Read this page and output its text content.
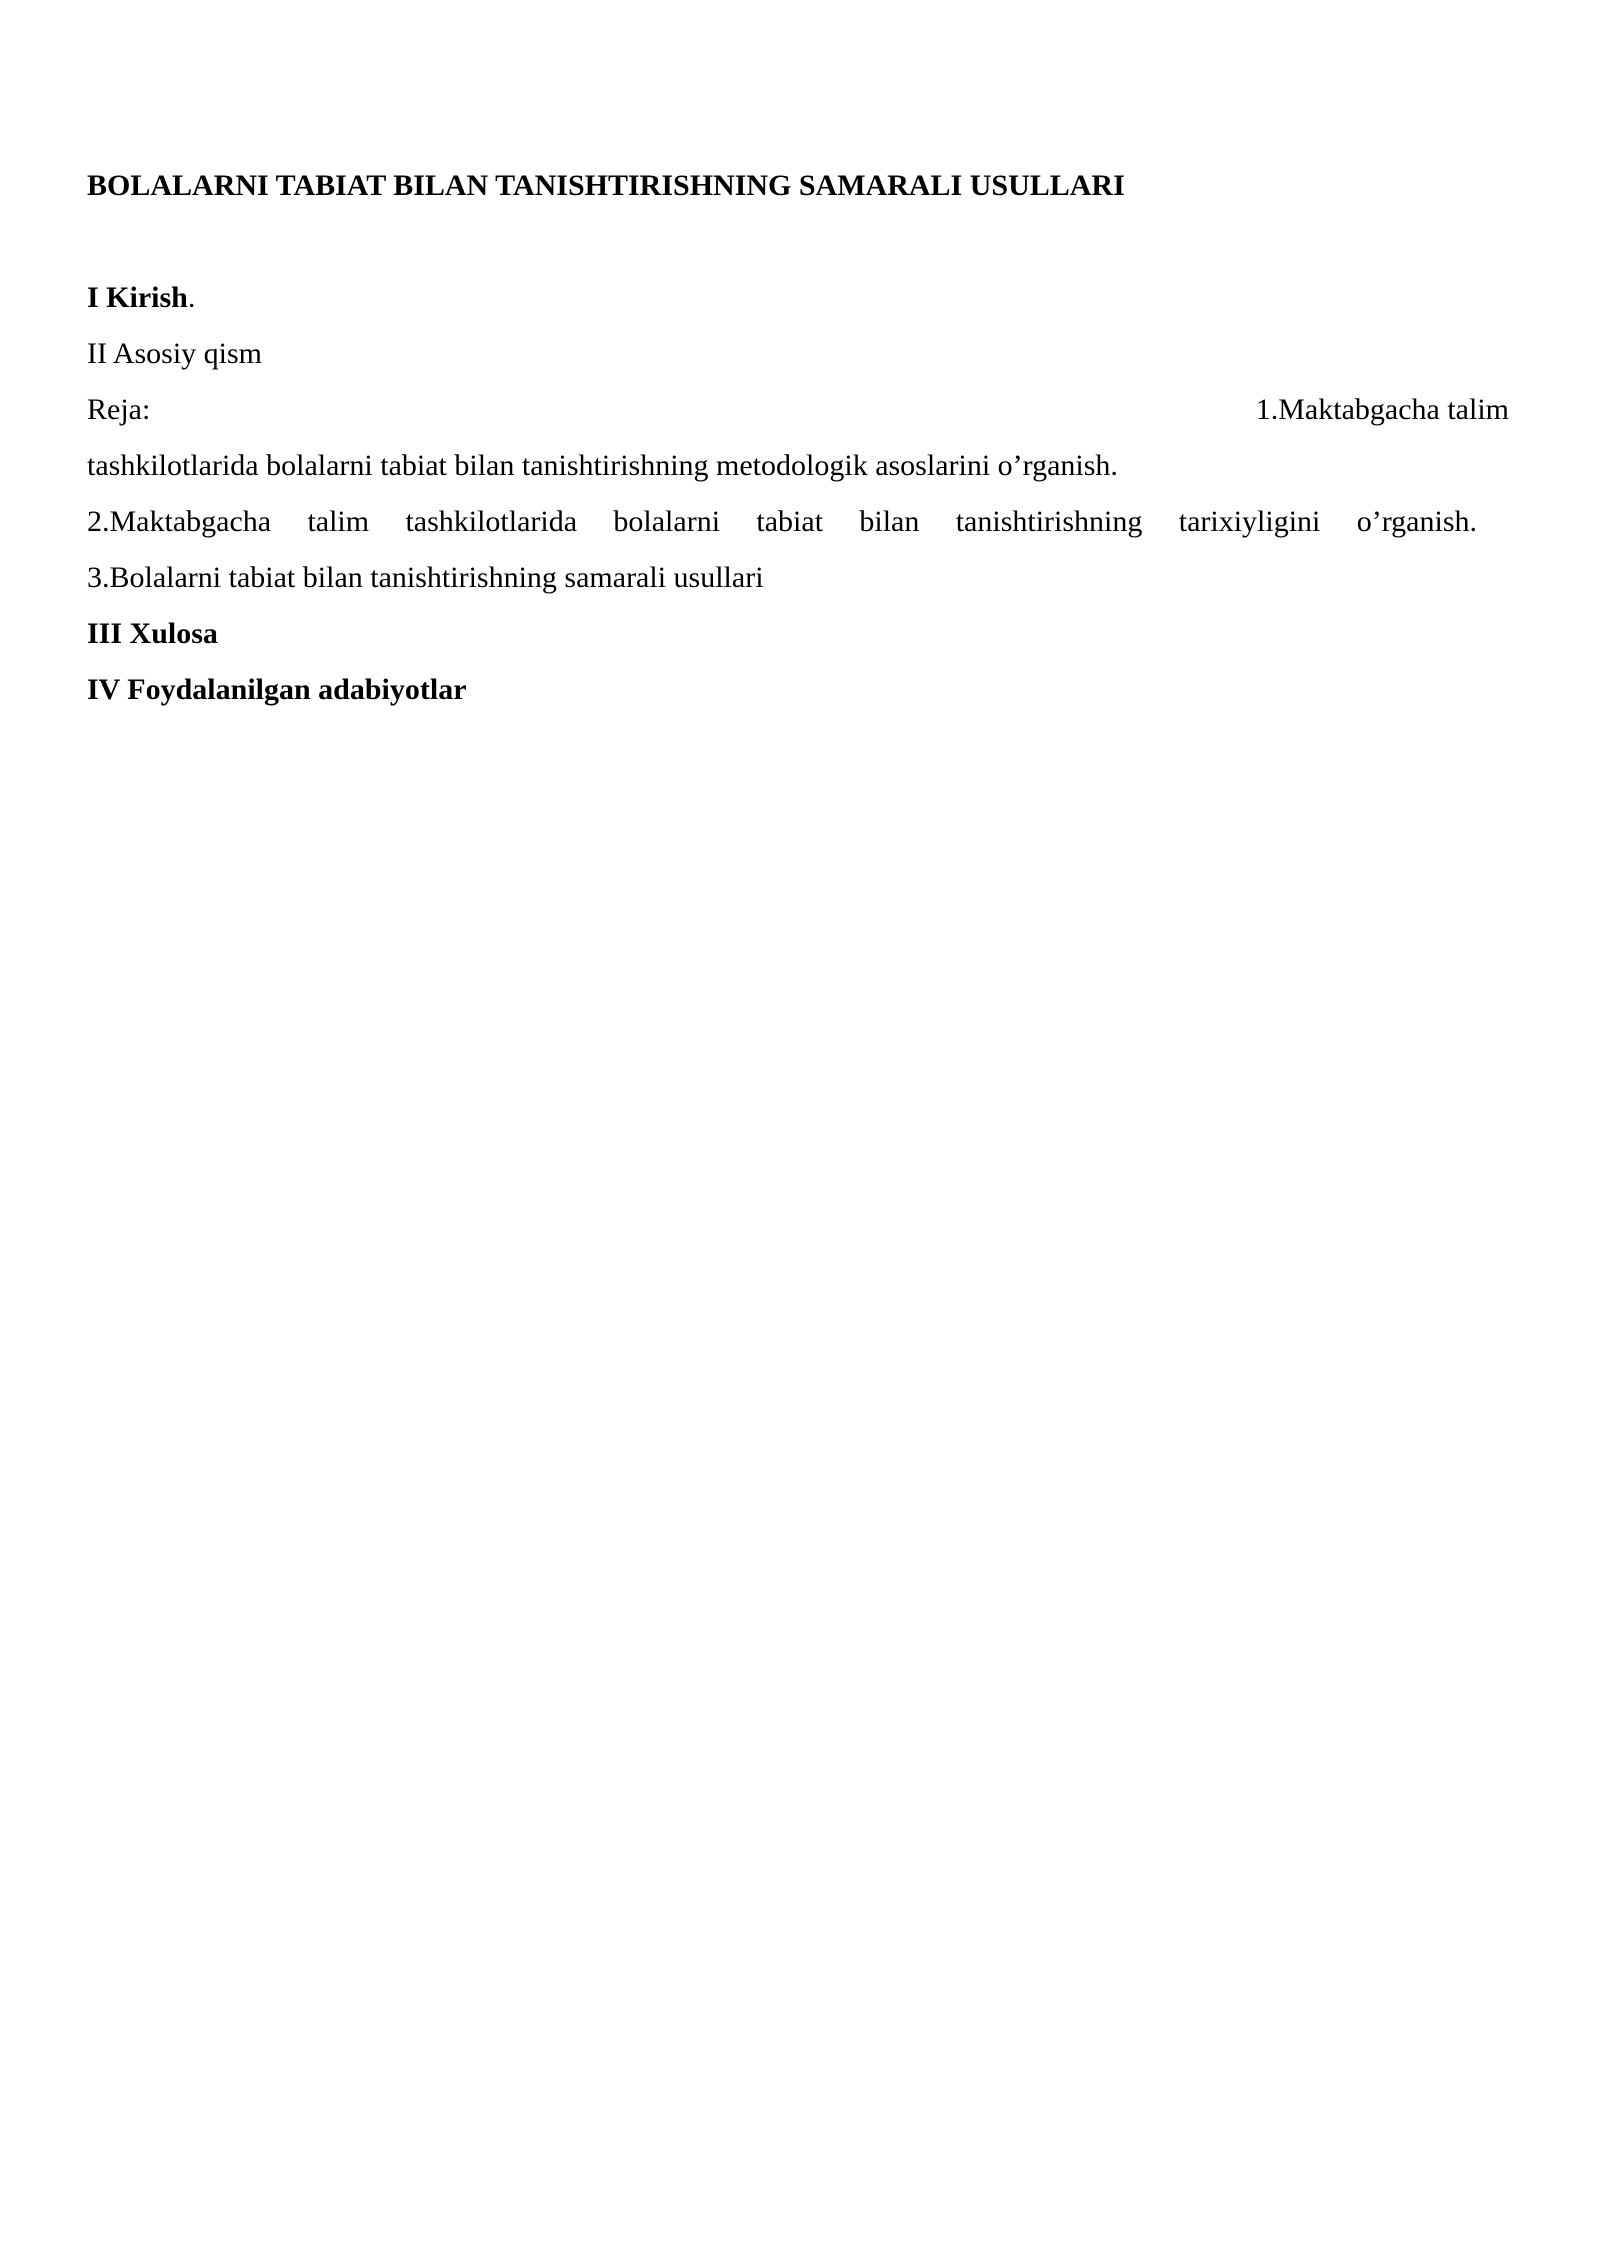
BOLALARNI TABIAT BILAN TANISHTIRISHNING SAMARALI USULLARI
I Kirish.
II Asosiy qism
Reja:	1.Maktabgacha talim
tashkilotlarida bolalarni tabiat bilan tanishtirishning metodologik asoslarini o’rganish.
2.Maktabgacha talim tashkilotlarida bolalarni tabiat bilan tanishtirishning tarixiyligini o’rganish.
3.Bolalarni tabiat bilan tanishtirishning samarali usullari
III Xulosa
IV Foydalanilgan adabiyotlar
